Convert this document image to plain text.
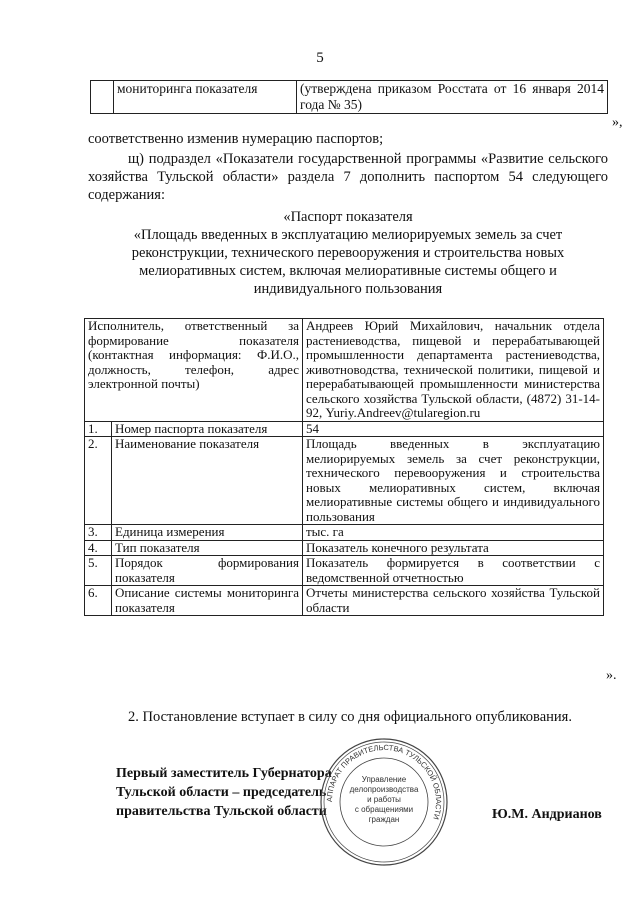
5
	мониторинга показателя	(утверждена приказом Росстата от 16 января 2014 года № 35)
»,
соответственно изменив нумерацию паспортов;
щ) подраздел «Показатели государственной программы «Развитие сельского хозяйства Тульской области» раздела 7 дополнить паспортом 54 следующего содержания:
«Паспорт показателя
«Площадь введенных в эксплуатацию мелиорируемых земель за счет реконструкции, технического перевооружения и строительства новых мелиоративных систем, включая мелиоративные системы общего и индивидуального пользования
Исполнитель, ответственный за формирование показателя (контактная информация: Ф.И.О., должность, телефон, адрес электронной почты)		Андреев Юрий Михайлович, начальник отдела растениеводства, пищевой и перерабатывающей промышленности департамента растениеводства, животноводства, технической политики, пищевой и перерабатывающей промышленности министерства сельского хозяйства Тульской области, (4872) 31-14-92, Yuriy.Andreev@tularegion.ru
1.	Номер паспорта показателя	54
2.	Наименование показателя	Площадь введенных в эксплуатацию мелиорируемых земель за счет реконструкции, технического перевооружения и строительства новых мелиоративных систем, включая мелиоративные системы общего и индивидуального пользования
3.	Единица измерения	тыс. га
4.	Тип показателя	Показатель конечного результата
5.	Порядок формирования показателя	Показатель формируется в соответствии с ведомственной отчетностью
6.	Описание системы мониторинга показателя	Отчеты министерства сельского хозяйства Тульской области
».
2. Постановление вступает в силу со дня официального опубликования.
Первый заместитель Губернатора
Тульской области – председатель
правительства Тульской области	Ю.М. Андрианов
АППАРАТ ПРАВИТЕЛЬСТВА ТУЛЬСКОЙ ОБЛАСТИ
Управление
делопроизводства
и работы
с обращениями
граждан
